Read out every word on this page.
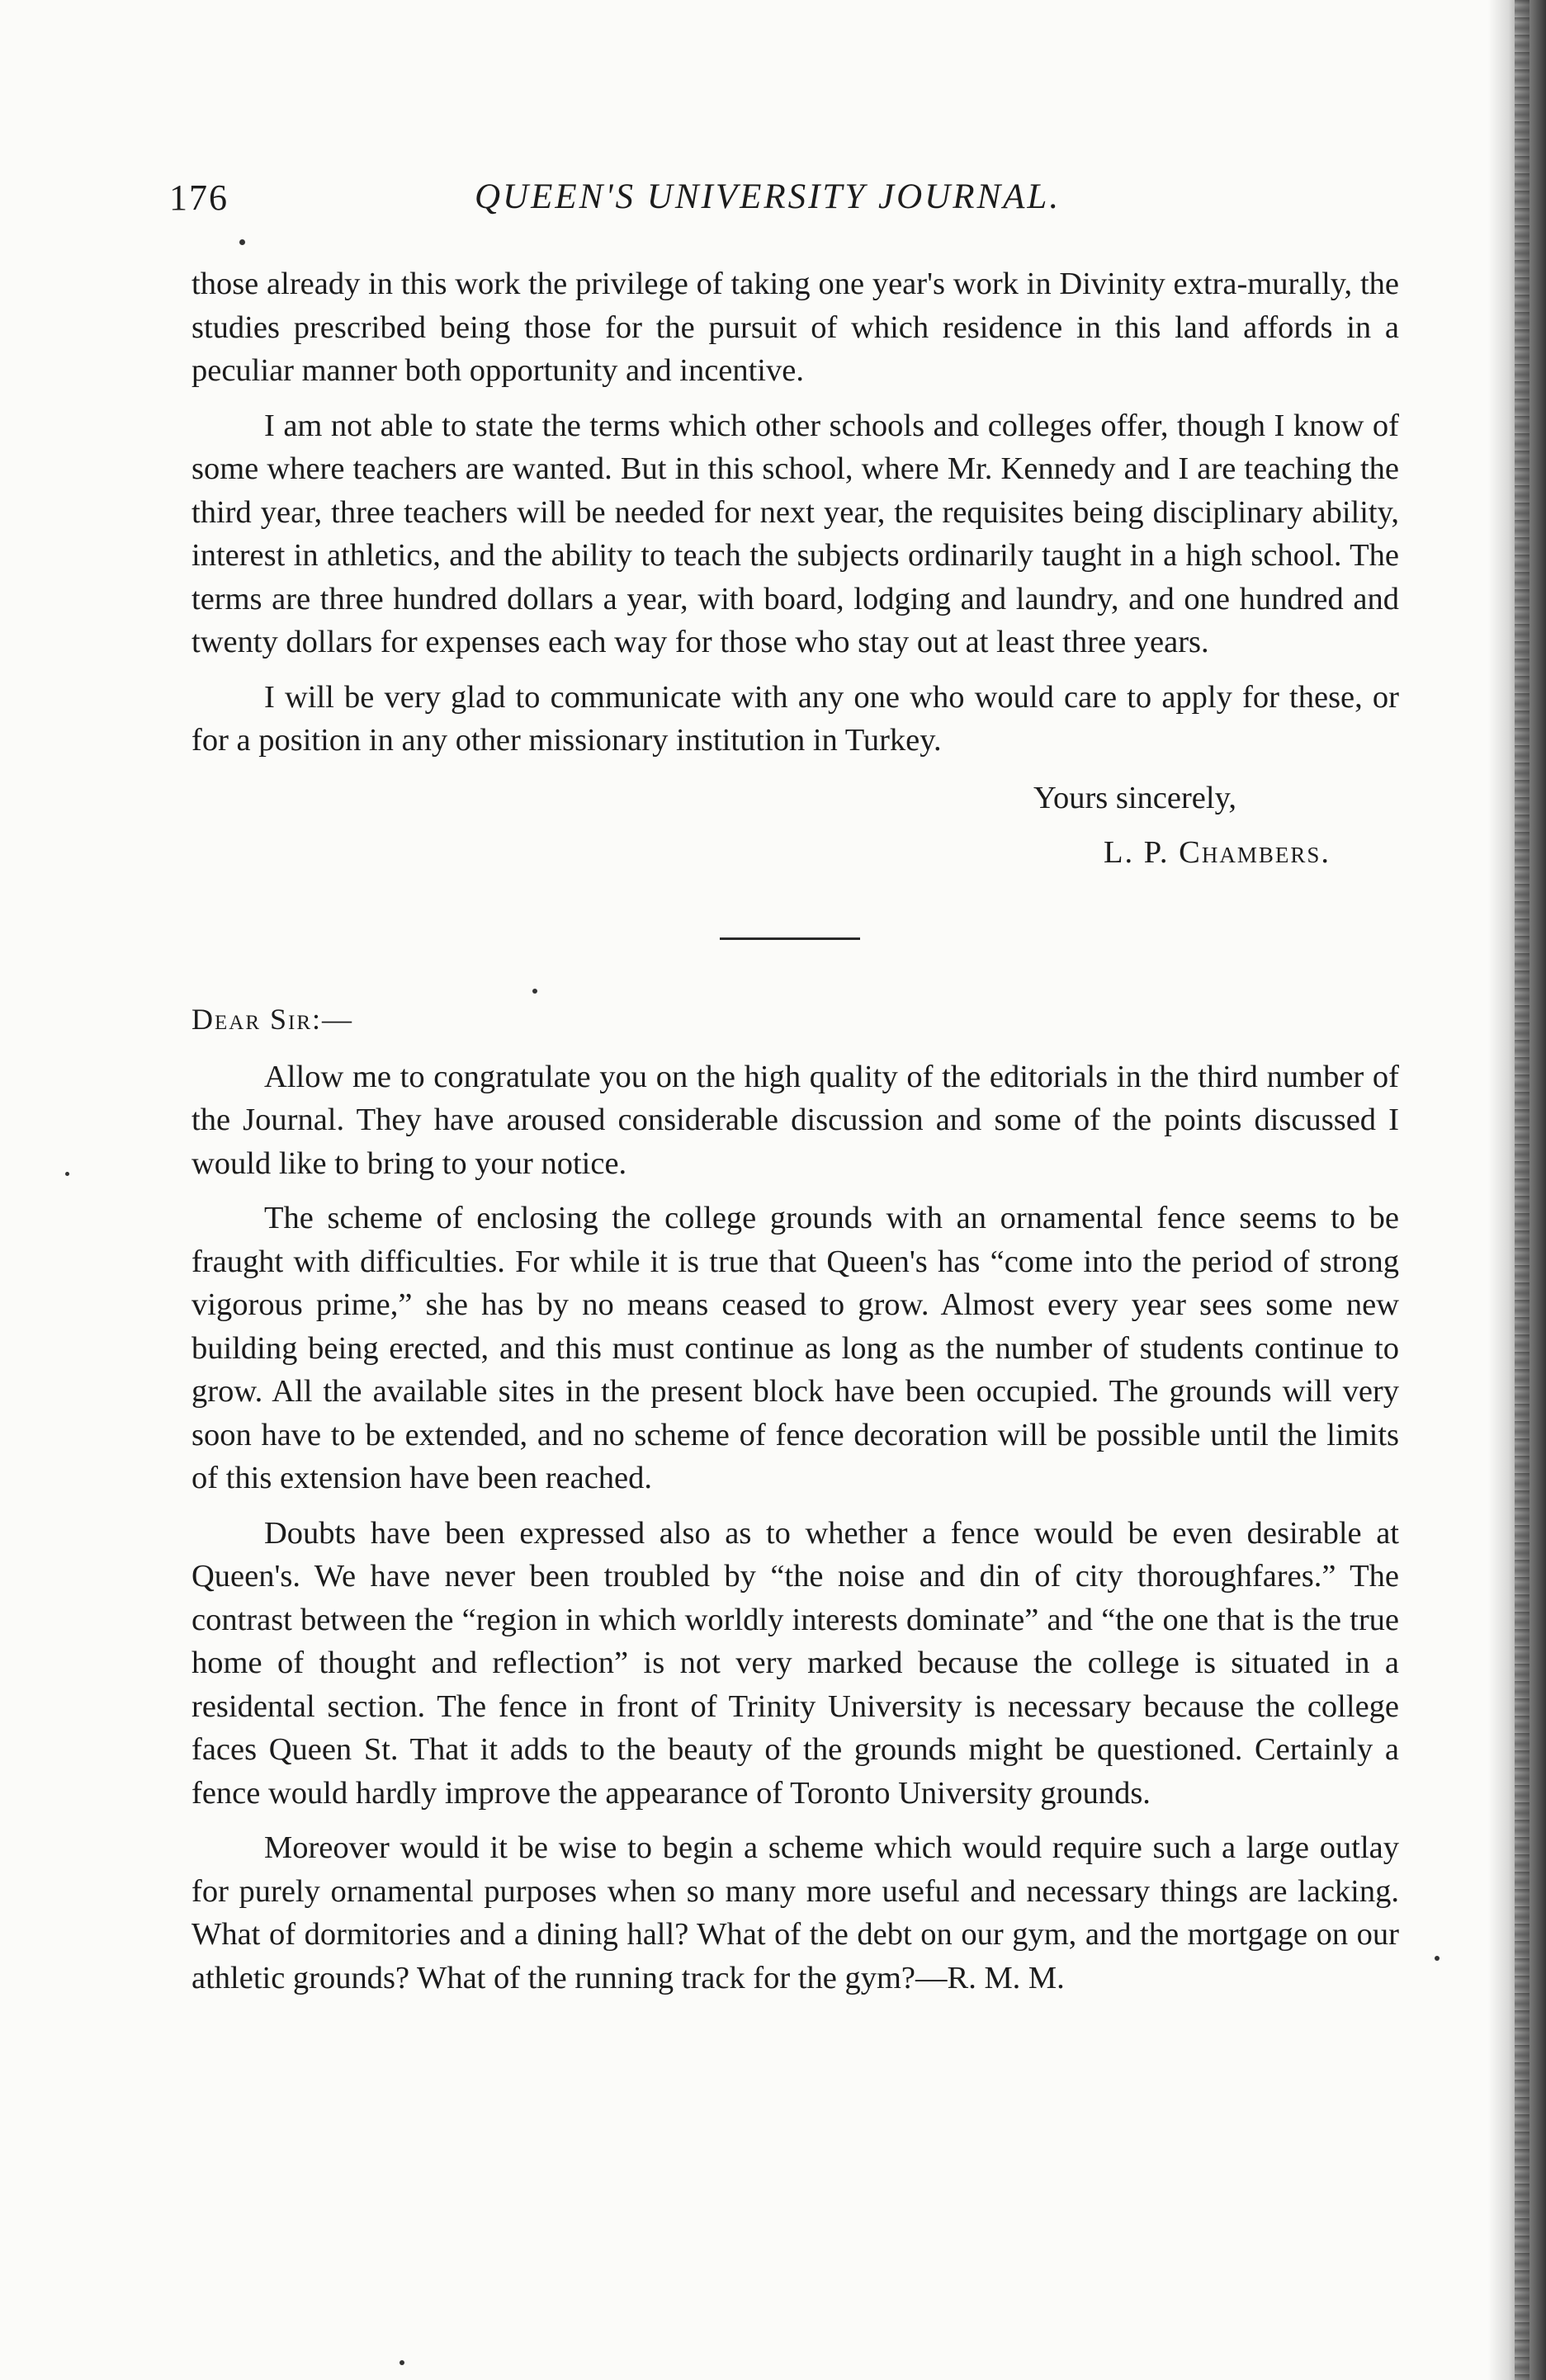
176	QUEEN'S UNIVERSITY JOURNAL.

those already in this work the privilege of taking one year's work in Divinity extra-murally, the studies prescribed being those for the pursuit of which residence in this land affords in a peculiar manner both opportunity and incentive.

I am not able to state the terms which other schools and colleges offer, though I know of some where teachers are wanted. But in this school, where Mr. Kennedy and I are teaching the third year, three teachers will be needed for next year, the requisites being disciplinary ability, interest in athletics, and the ability to teach the subjects ordinarily taught in a high school. The terms are three hundred dollars a year, with board, lodging and laundry, and one hundred and twenty dollars for expenses each way for those who stay out at least three years.

I will be very glad to communicate with any one who would care to apply for these, or for a position in any other missionary institution in Turkey.

Yours sincerely,
L. P. Chambers.
Dear Sir:—

Allow me to congratulate you on the high quality of the editorials in the third number of the Journal. They have aroused considerable discussion and some of the points discussed I would like to bring to your notice.

The scheme of enclosing the college grounds with an ornamental fence seems to be fraught with difficulties. For while it is true that Queen's has “come into the period of strong vigorous prime,” she has by no means ceased to grow. Almost every year sees some new building being erected, and this must continue as long as the number of students continue to grow. All the available sites in the present block have been occupied. The grounds will very soon have to be extended, and no scheme of fence decoration will be possible until the limits of this extension have been reached.

Doubts have been expressed also as to whether a fence would be even desirable at Queen's. We have never been troubled by “the noise and din of city thoroughfares.” The contrast between the “region in which worldly interests dominate” and “the one that is the true home of thought and reflection” is not very marked because the college is situated in a residental section. The fence in front of Trinity University is necessary because the college faces Queen St. That it adds to the beauty of the grounds might be questioned. Certainly a fence would hardly improve the appearance of Toronto University grounds.

Moreover would it be wise to begin a scheme which would require such a large outlay for purely ornamental purposes when so many more useful and necessary things are lacking. What of dormitories and a dining hall? What of the debt on our gym, and the mortgage on our athletic grounds? What of the running track for the gym?—R. M. M.
